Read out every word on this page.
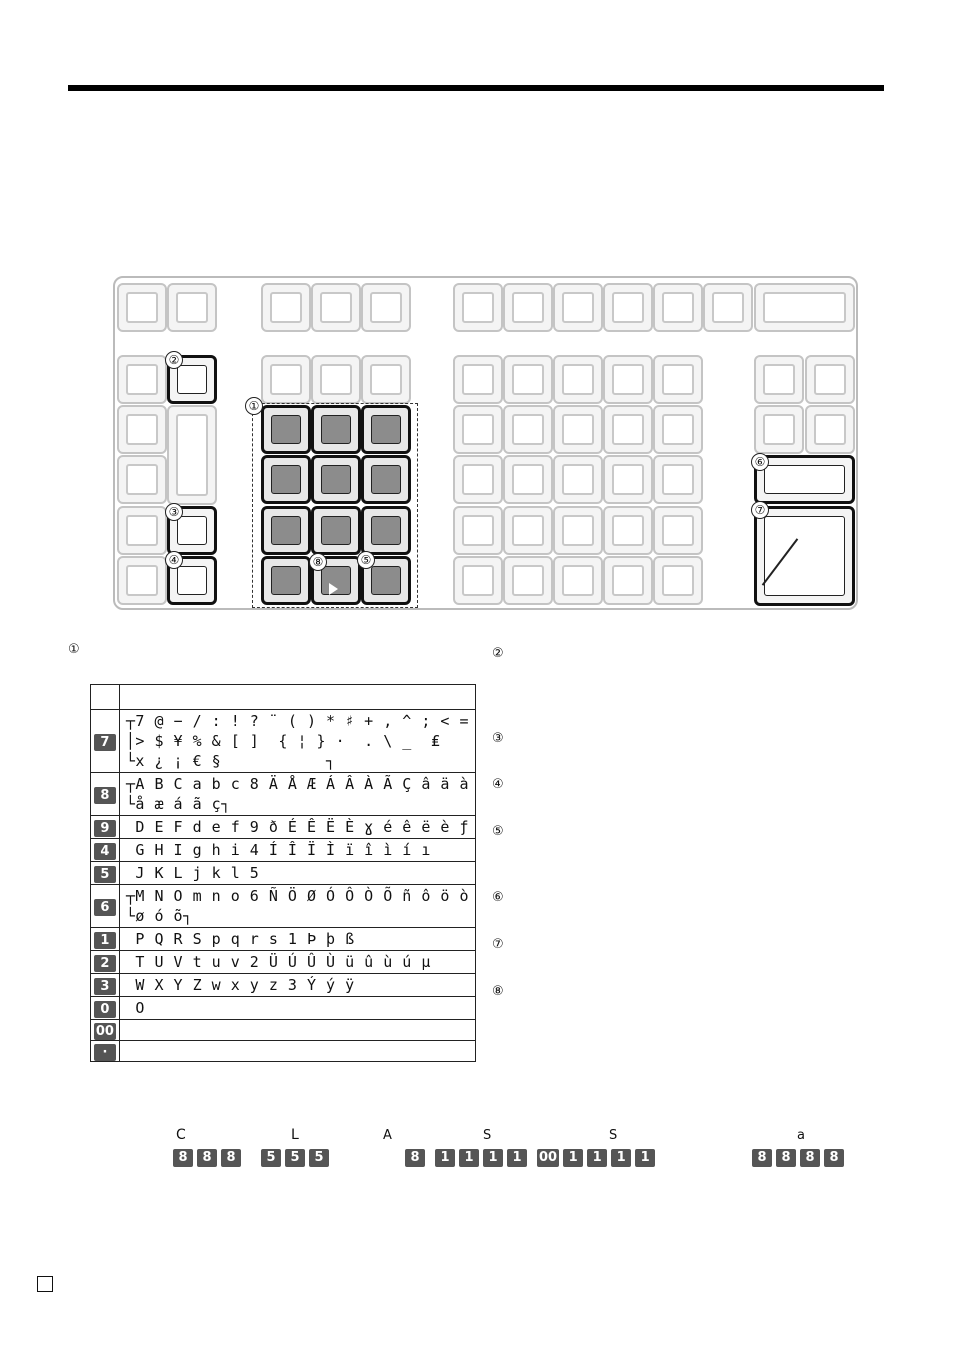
①
②
③
④	⑤
⑥
⑦
⑧
①	②
③
④
⑤
⑥
⑦
⑧

7	┬7 @ − / : ! ? ¨ ( ) * ♯ + , ^ ; < =
│> $ ¥ % & [ ]  { ¦ } ·  . \ _  ₤
└x ¿ ¡ € §           ┐
8	┬A B C a b c 8 Ä Å Æ Á Â À Ã Ç â ä à
└å æ á ã ç┐
9	D E F d e f 9 ð É Ê Ë È ɣ é ê ë è ƒ
4	G H I g h i 4 Í Î Ï Ì ï î ì í ı
5	J K L j k l 5
6	┬M N O m n o 6 Ñ Ö Ø Ó Ô Ò Õ ñ ô ö ò
└ø ó õ┐
1	P Q R S p q r s 1 Þ þ ß
2	T U V t u v 2 Ü Ú Û Ù ü û ù ú µ
3	W X Y Z w x y z 3 Ý ý ÿ
0	O
00	
·	
C	L	A	S	S	a
8	8	8	5	5	5	8	1	1	1	1	00 1	1	1	1	8	8	8	8
